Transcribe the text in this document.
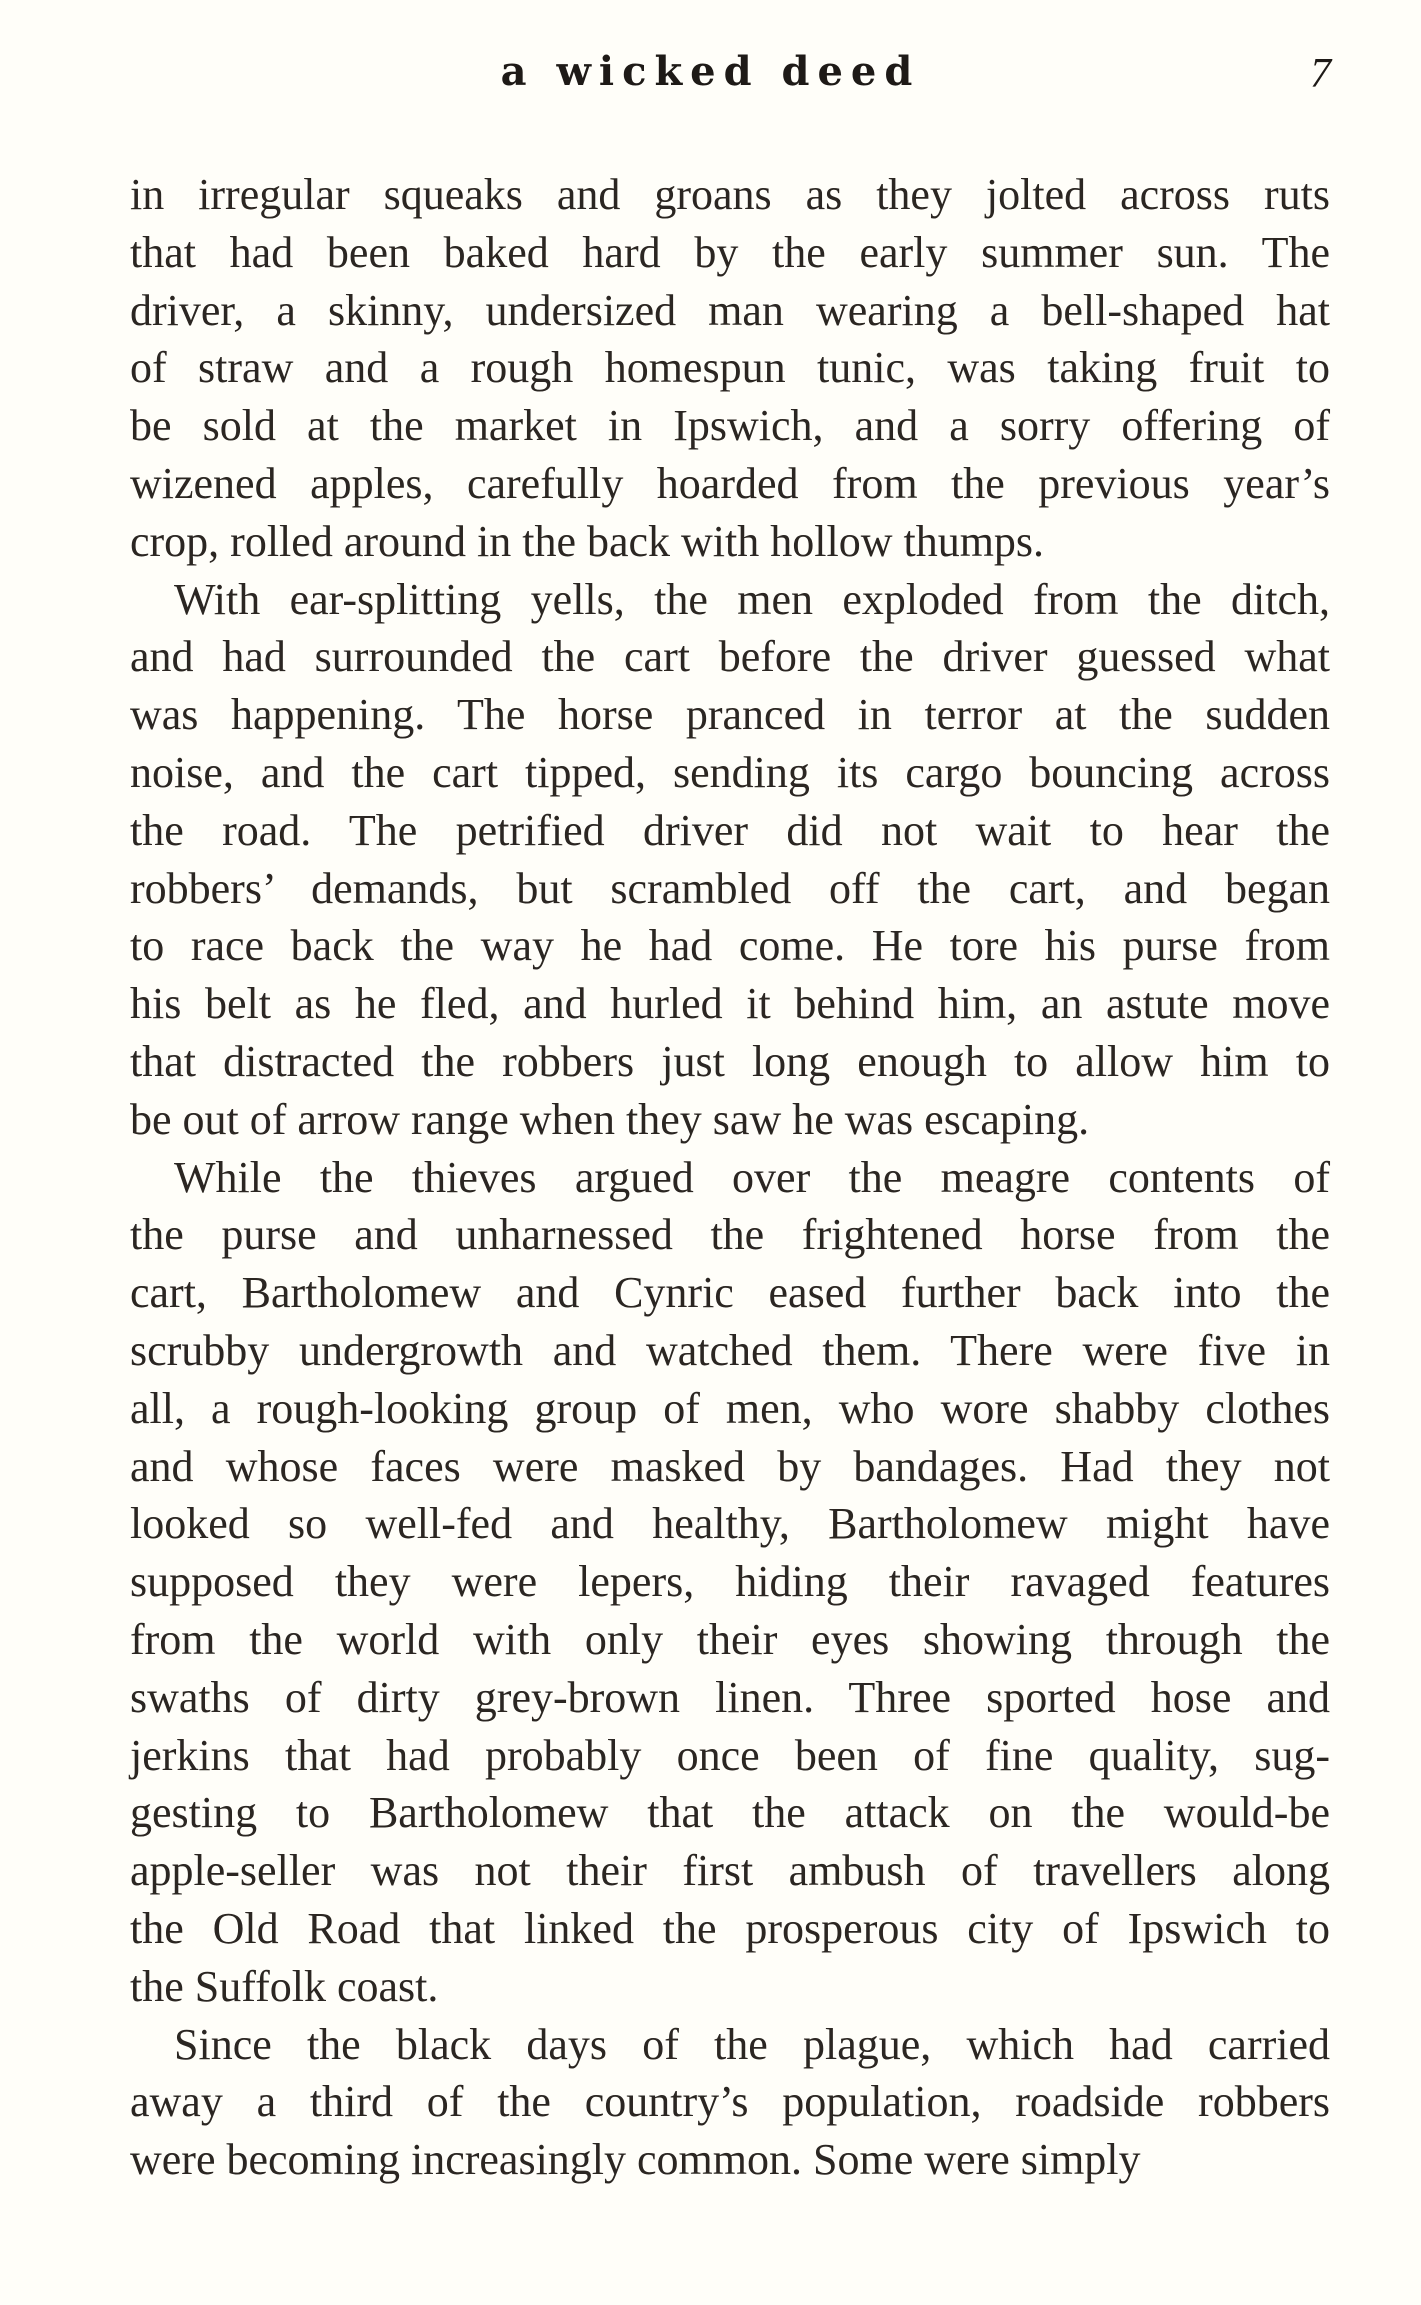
a wicked deed	7
in irregular squeaks and groans as they jolted across ruts
that had been baked hard by the early summer sun. The
driver, a skinny, undersized man wearing a bell-shaped hat
of straw and a rough homespun tunic, was taking fruit to
be sold at the market in Ipswich, and a sorry offering of
wizened apples, carefully hoarded from the previous year’s
crop, rolled around in the back with hollow thumps.
With ear-splitting yells, the men exploded from the ditch,
and had surrounded the cart before the driver guessed what
was happening. The horse pranced in terror at the sudden
noise, and the cart tipped, sending its cargo bouncing across
the road. The petrified driver did not wait to hear the
robbers’ demands, but scrambled off the cart, and began
to race back the way he had come. He tore his purse from
his belt as he fled, and hurled it behind him, an astute move
that distracted the robbers just long enough to allow him to
be out of arrow range when they saw he was escaping.
While the thieves argued over the meagre contents of
the purse and unharnessed the frightened horse from the
cart, Bartholomew and Cynric eased further back into the
scrubby undergrowth and watched them. There were five in
all, a rough-looking group of men, who wore shabby clothes
and whose faces were masked by bandages. Had they not
looked so well-fed and healthy, Bartholomew might have
supposed they were lepers, hiding their ravaged features
from the world with only their eyes showing through the
swaths of dirty grey-brown linen. Three sported hose and
jerkins that had probably once been of fine quality, sug-
gesting to Bartholomew that the attack on the would-be
apple-seller was not their first ambush of travellers along
the Old Road that linked the prosperous city of Ipswich to
the Suffolk coast.
Since the black days of the plague, which had carried
away a third of the country’s population, roadside robbers
were becoming increasingly common. Some were simply
